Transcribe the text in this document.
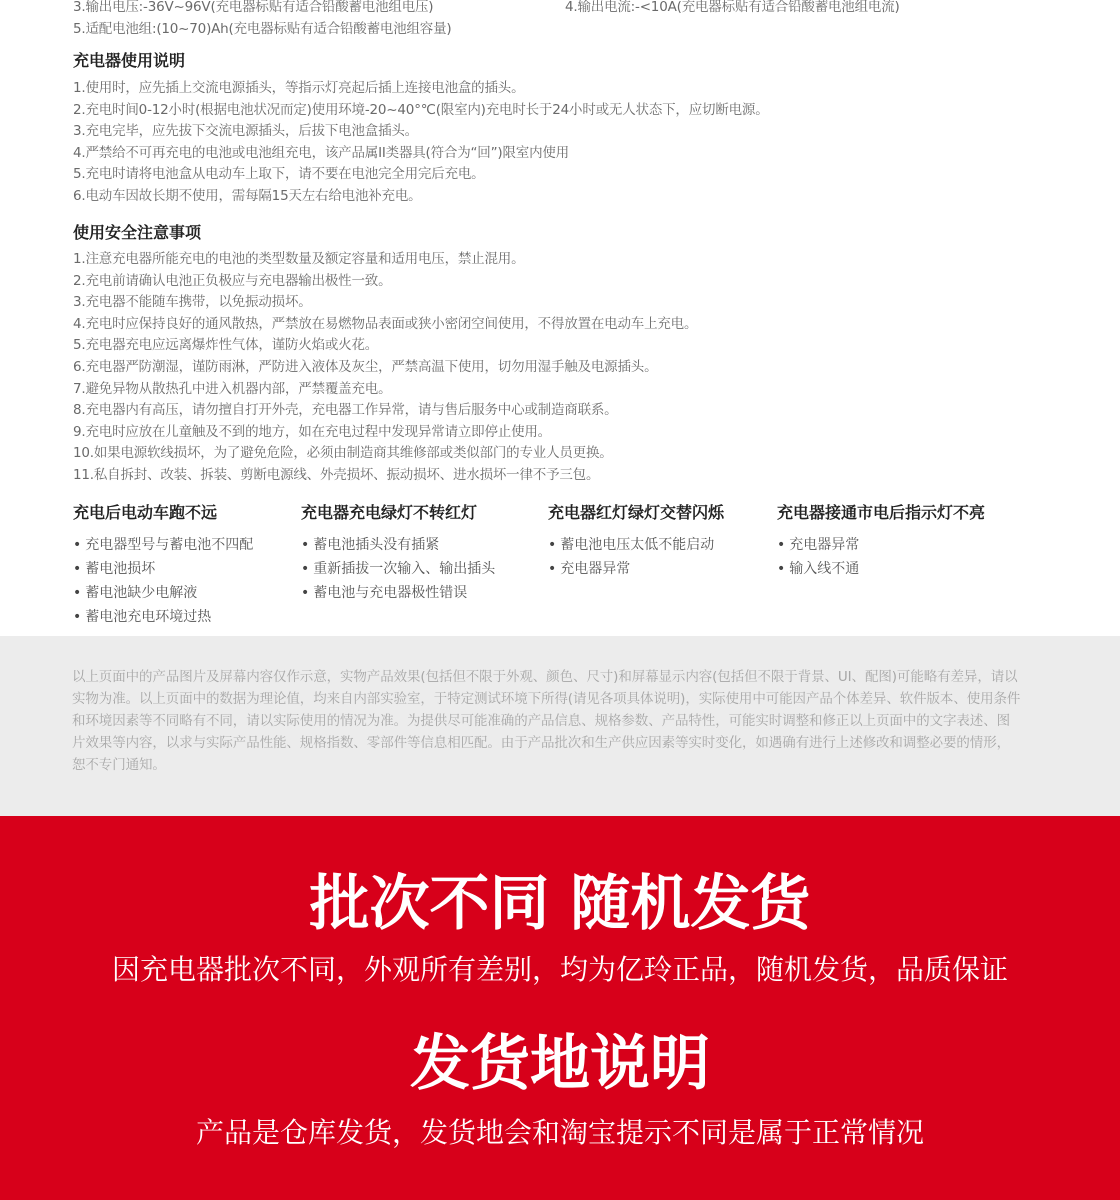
3.输出电压:-36V~96V(充电器标贴有适合铅酸蓄电池组电压)	4.输出电流:-<10A(充电器标贴有适合铅酸蓄电池组电流)
5.适配电池组:(10~70)Ah(充电器标贴有适合铅酸蓄电池组容量)
充电器使用说明
1.使用时，应先插上交流电源插头，等指示灯亮起后插上连接电池盒的插头。
2.充电时间0-12小时(根据电池状况而定)使用环境-20~40°℃(限室内)充电时长于24小时或无人状态下，应切断电源。
3.充电完毕，应先拔下交流电源插头，后拔下电池盒插头。
4.严禁给不可再充电的电池或电池组充电，该产品属II类器具(符合为“回”)限室内使用
5.充电时请将电池盒从电动车上取下，请不要在电池完全用完后充电。
6.电动车因故长期不使用，需每隔15天左右给电池补充电。
使用安全注意事项
1.注意充电器所能充电的电池的类型数量及额定容量和适用电压，禁止混用。
2.充电前请确认电池正负极应与充电器输出极性一致。
3.充电器不能随车携带，以免振动损坏。
4.充电时应保持良好的通风散热，严禁放在易燃物品表面或狭小密闭空间使用，不得放置在电动车上充电。
5.充电器充电应远离爆炸性气体，谨防火焰或火花。
6.充电器严防潮湿，谨防雨淋，严防进入液体及灰尘，严禁高温下使用，切勿用湿手触及电源插头。
7.避免异物从散热孔中进入机器内部，严禁覆盖充电。
8.充电器内有高压，请勿擅自打开外壳，充电器工作异常，请与售后服务中心或制造商联系。
9.充电时应放在儿童触及不到的地方，如在充电过程中发现异常请立即停止使用。
10.如果电源软线损坏，为了避免危险，必须由制造商其维修部或类似部门的专业人员更换。
11.私自拆封、改装、拆装、剪断电源线、外壳损坏、振动损坏、进水损坏一律不予三包。
充电后电动车跑不远
• 充电器型号与蓄电池不四配
• 蓄电池损坏
• 蓄电池缺少电解液
• 蓄电池充电环境过热
充电器充电绿灯不转红灯
• 蓄电池插头没有插紧
• 重新插拔一次输入、输出插头
• 蓄电池与充电器极性错误
充电器红灯绿灯交替闪烁
• 蓄电池电压太低不能启动
• 充电器异常
充电器接通市电后指示灯不亮
• 充电器异常
• 输入线不通

以上页面中的产品图片及屏幕内容仅作示意，实物产品效果(包括但不限于外观、颜色、尺寸)和屏幕显示内容(包括但不限于背景、UI、配图)可能略有差异，请以实物为准。以上页面中的数据为理论值，均来自内部实验室，于特定测试环境下所得(请见各项具体说明)，实际使用中可能因产品个体差异、软件版本、使用条件和环境因素等不同略有不同，请以实际使用的情况为准。为提供尽可能准确的产品信息、规格参数、产品特性，可能实时调整和修正以上页面中的文字表述、图片效果等内容，以求与实际产品性能、规格指数、零部件等信息相匹配。由于产品批次和生产供应因素等实时变化，如遇确有进行上述修改和调整必要的情形，恕不专门通知。

批次不同 随机发货
因充电器批次不同，外观所有差别，均为亿玲正品，随机发货，品质保证
发货地说明
产品是仓库发货，发货地会和淘宝提示不同是属于正常情况
